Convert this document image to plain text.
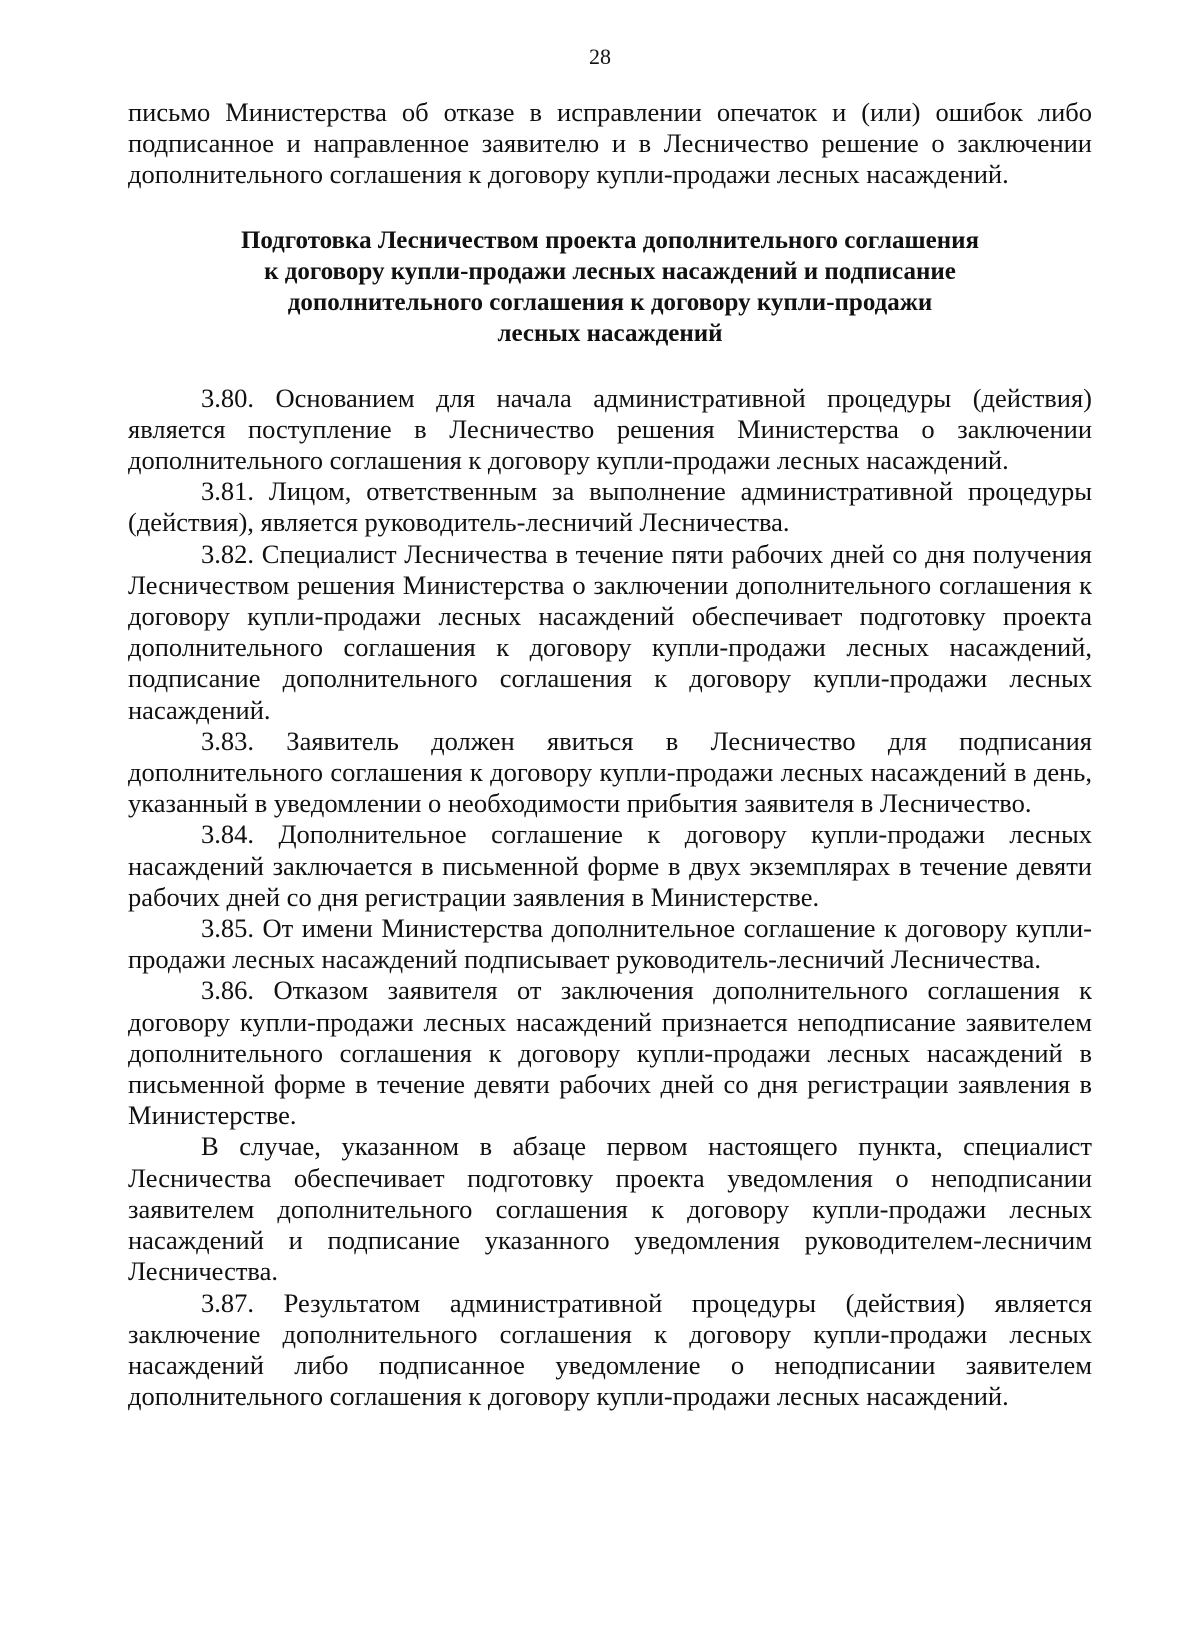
28

письмо Министерства об отказе в исправлении опечаток и (или) ошибок либо подписанное и направленное заявителю и в Лесничество решение о заключении дополнительного соглашения к договору купли-продажи лесных насаждений.

Подготовка Лесничеством проекта дополнительного соглашения
к договору купли-продажи лесных насаждений и подписание
дополнительного соглашения к договору купли-продажи
лесных насаждений

3.80. Основанием для начала административной процедуры (действия) является поступление в Лесничество решения Министерства о заключении дополнительного соглашения к договору купли-продажи лесных насаждений.

3.81. Лицом, ответственным за выполнение административной процедуры (действия), является руководитель-лесничий Лесничества.

3.82. Специалист Лесничества в течение пяти рабочих дней со дня получения Лесничеством решения Министерства о заключении дополнительного соглашения к договору купли-продажи лесных насаждений обеспечивает подготовку проекта дополнительного соглашения к договору купли-продажи лесных насаждений, подписание дополнительного соглашения к договору купли-продажи лесных насаждений.

3.83. Заявитель должен явиться в Лесничество для подписания дополнительного соглашения к договору купли-продажи лесных насаждений в день, указанный в уведомлении о необходимости прибытия заявителя в Лесничество.

3.84. Дополнительное соглашение к договору купли-продажи лесных насаждений заключается в письменной форме в двух экземплярах в течение девяти рабочих дней со дня регистрации заявления в Министерстве.

3.85. От имени Министерства дополнительное соглашение к договору купли-продажи лесных насаждений подписывает руководитель-лесничий Лесничества.

3.86. Отказом заявителя от заключения дополнительного соглашения к договору купли-продажи лесных насаждений признается неподписание заявителем дополнительного соглашения к договору купли-продажи лесных насаждений в письменной форме в течение девяти рабочих дней со дня регистрации заявления в Министерстве.

В случае, указанном в абзаце первом настоящего пункта, специалист Лесничества обеспечивает подготовку проекта уведомления о неподписании заявителем дополнительного соглашения к договору купли-продажи лесных насаждений и подписание указанного уведомления руководителем-лесничим Лесничества.

3.87. Результатом административной процедуры (действия) является заключение дополнительного соглашения к договору купли-продажи лесных насаждений либо подписанное уведомление о неподписании заявителем дополнительного соглашения к договору купли-продажи лесных насаждений.
